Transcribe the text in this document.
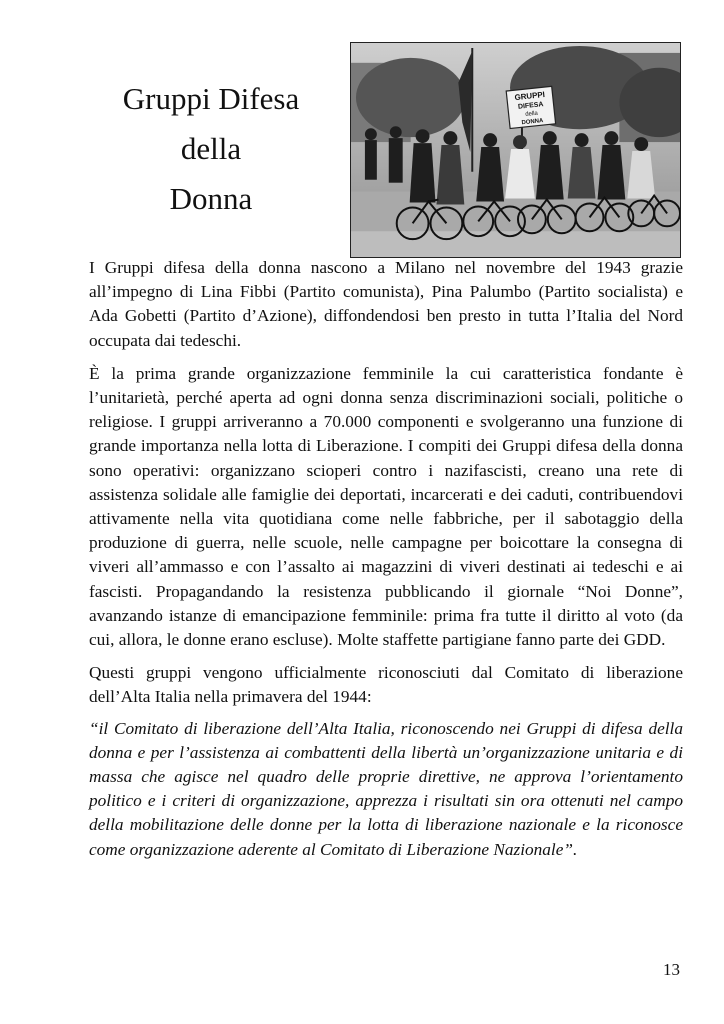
Gruppi Difesa
della
Donna
GRUPPI
DIFESA
della
DONNA

I Gruppi difesa della donna nascono a Milano nel novembre del 1943 grazie all’impegno di Lina Fibbi (Partito comunista), Pina Palumbo (Partito socialista) e Ada Gobetti (Partito d’Azione), diffondendosi ben presto in tutta l’Italia del Nord occupata dai tedeschi.

È la prima grande organizzazione femminile la cui caratteristica fondante è l’unitarietà, perché aperta ad ogni donna senza discriminazioni sociali, politiche o religiose. I gruppi arriveranno a 70.000 componenti e svolgeranno una funzione di grande importanza nella lotta di Liberazione. I compiti dei Gruppi difesa della donna sono operativi: organizzano scioperi contro i nazifascisti, creano una rete di assistenza solidale alle famiglie dei deportati, incarcerati e dei caduti, contribuendovi attivamente nella vita quotidiana come nelle fabbriche, per il sabotaggio della produzione di guerra, nelle scuole, nelle campagne per boicottare la consegna di viveri all’ammasso e con l’assalto ai magazzini di viveri destinati ai tedeschi e ai fascisti. Propagandando la resistenza pubblicando il giornale “Noi Donne”, avanzando istanze di emancipazione femminile: prima fra tutte il diritto al voto (da cui, allora, le donne erano escluse). Molte staffette partigiane fanno parte dei GDD.

Questi gruppi vengono ufficialmente riconosciuti dal Comitato di liberazione dell’Alta Italia nella primavera del 1944:

“il Comitato di liberazione dell’Alta Italia, riconoscendo nei Gruppi di difesa della donna e per l’assistenza ai combattenti della libertà un’organizzazione unitaria e di massa che agisce nel quadro delle proprie direttive, ne approva l’orientamento politico e i criteri di organizzazione, apprezza i risultati sin ora ottenuti nel campo della mobilitazione delle donne per la lotta di liberazione nazionale e la riconosce come organizzazione aderente al Comitato di Liberazione Nazionale”.

13
